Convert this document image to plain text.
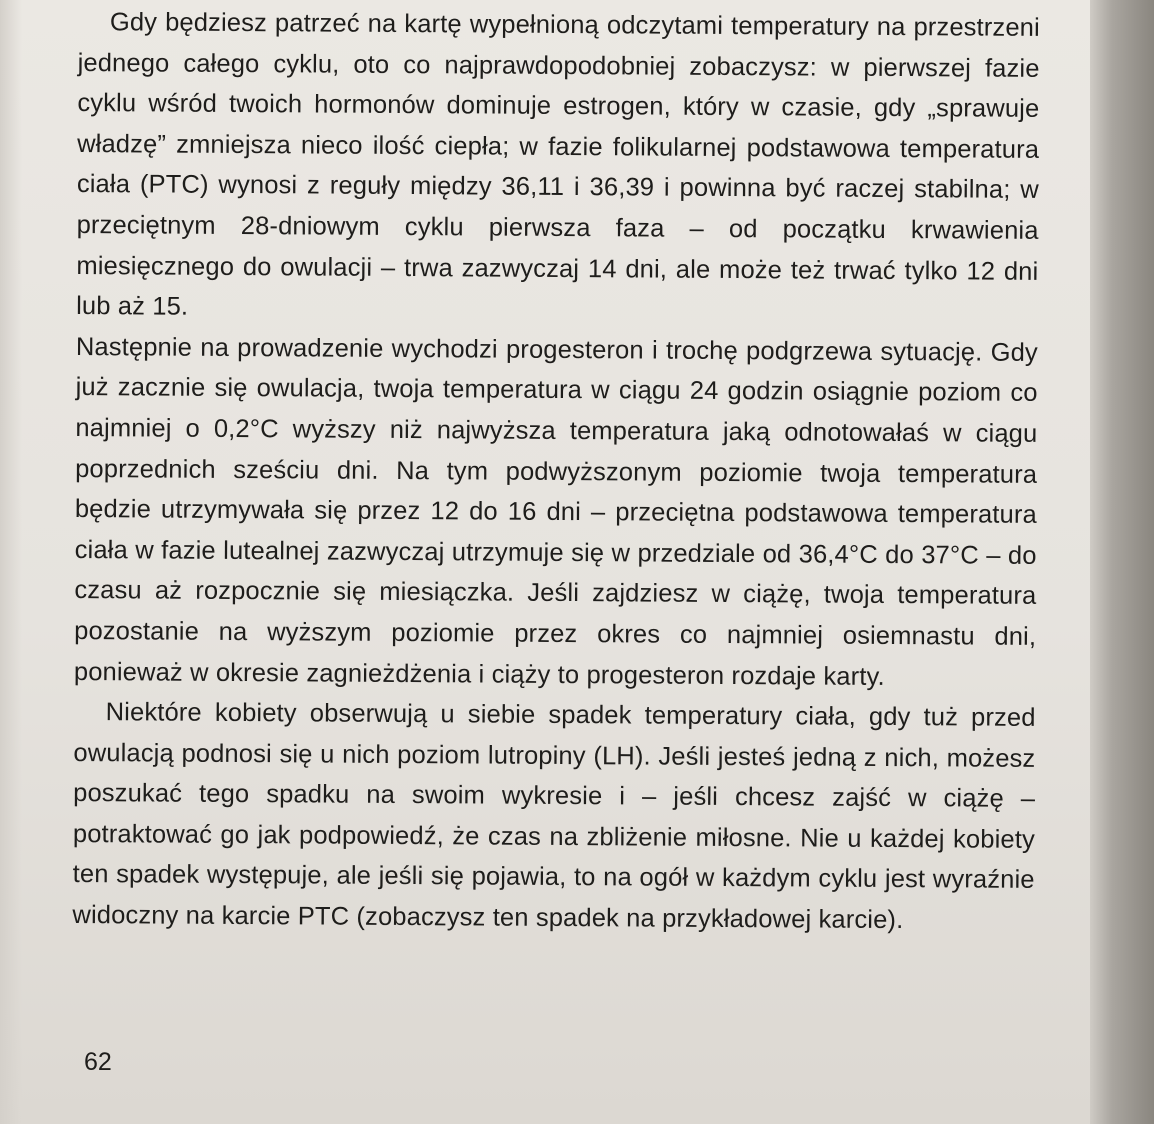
Gdy będziesz patrzeć na kartę wypełnioną odczytami temperatury na przestrzeni jednego całego cyklu, oto co najprawdopodobniej zobaczysz: w pierwszej fazie cyklu wśród twoich hormonów dominuje estrogen, który w czasie, gdy „sprawuje władzę” zmniejsza nieco ilość ciepła; w fazie folikularnej podstawowa temperatura ciała (PTC) wynosi z reguły między 36,11 i 36,39 i powinna być raczej stabilna; w przeciętnym 28-dniowym cyklu pierwsza faza – od początku krwawienia miesięcznego do owulacji – trwa zazwyczaj 14 dni, ale może też trwać tylko 12 dni lub aż 15.

Następnie na prowadzenie wychodzi progesteron i trochę podgrzewa sytuację. Gdy już zacznie się owulacja, twoja temperatura w ciągu 24 godzin osiągnie poziom co najmniej o 0,2°C wyższy niż najwyższa temperatura jaką odnotowałaś w ciągu poprzednich sześciu dni. Na tym podwyższonym poziomie twoja temperatura będzie utrzymywała się przez 12 do 16 dni – przeciętna podstawowa temperatura ciała w fazie lutealnej zazwyczaj utrzymuje się w przedziale od 36,4°C do 37°C – do czasu aż rozpocznie się miesiączka. Jeśli zajdziesz w ciążę, twoja temperatura pozostanie na wyższym poziomie przez okres co najmniej osiemnastu dni, ponieważ w okresie zagnieżdżenia i ciąży to progesteron rozdaje karty.

Niektóre kobiety obserwują u siebie spadek temperatury ciała, gdy tuż przed owulacją podnosi się u nich poziom lutropiny (LH). Jeśli jesteś jedną z nich, możesz poszukać tego spadku na swoim wykresie i – jeśli chcesz zajść w ciążę – potraktować go jak podpowiedź, że czas na zbliżenie miłosne. Nie u każdej kobiety ten spadek występuje, ale jeśli się pojawia, to na ogół w każdym cyklu jest wyraźnie widoczny na karcie PTC (zobaczysz ten spadek na przykładowej karcie).

62
